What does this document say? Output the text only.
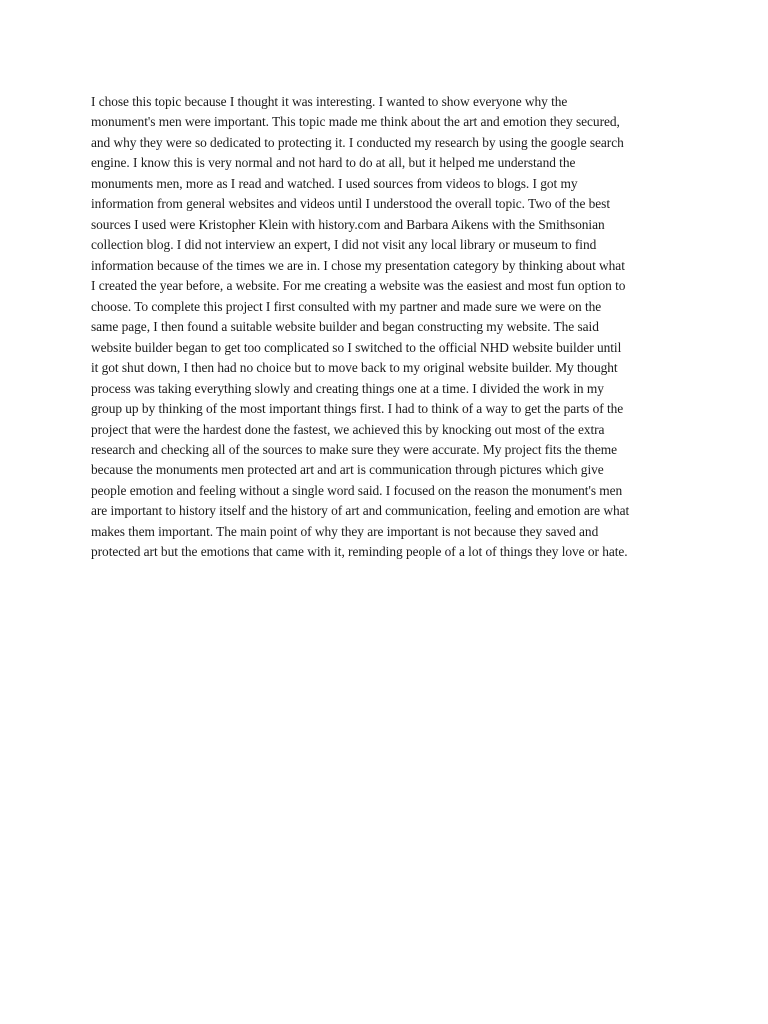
I chose this topic because I thought it was interesting. I wanted to show everyone why the
monument's men were important. This topic made me think about the art and emotion they secured,
and why they were so dedicated to protecting it. I conducted my research by using the google search
engine. I know this is very normal and not hard to do at all, but it helped me understand the
monuments men, more as I read and watched. I used sources from videos to blogs. I got my
information from general websites and videos until I understood the overall topic. Two of the best
sources I used were Kristopher Klein with history.com and Barbara Aikens with the Smithsonian
collection blog. I did not interview an expert, I did not visit any local library or museum to find
information because of the times we are in. I chose my presentation category by thinking about what
I created the year before, a website. For me creating a website was the easiest and most fun option to
choose. To complete this project I first consulted with my partner and made sure we were on the
same page, I then found a suitable website builder and began constructing my website. The said
website builder began to get too complicated so I switched to the official NHD website builder until
it got shut down, I then had no choice but to move back to my original website builder. My thought
process was taking everything slowly and creating things one at a time. I divided the work in my
group up by thinking of the most important things first. I had to think of a way to get the parts of the
project that were the hardest done the fastest, we achieved this by knocking out most of the extra
research and checking all of the sources to make sure they were accurate. My project fits the theme
because the monuments men protected art and art is communication through pictures which give
people emotion and feeling without a single word said. I focused on the reason the monument's men
are important to history itself and the history of art and communication, feeling and emotion are what
makes them important. The main point of why they are important is not because they saved and
protected art but the emotions that came with it, reminding people of a lot of things they love or hate.
